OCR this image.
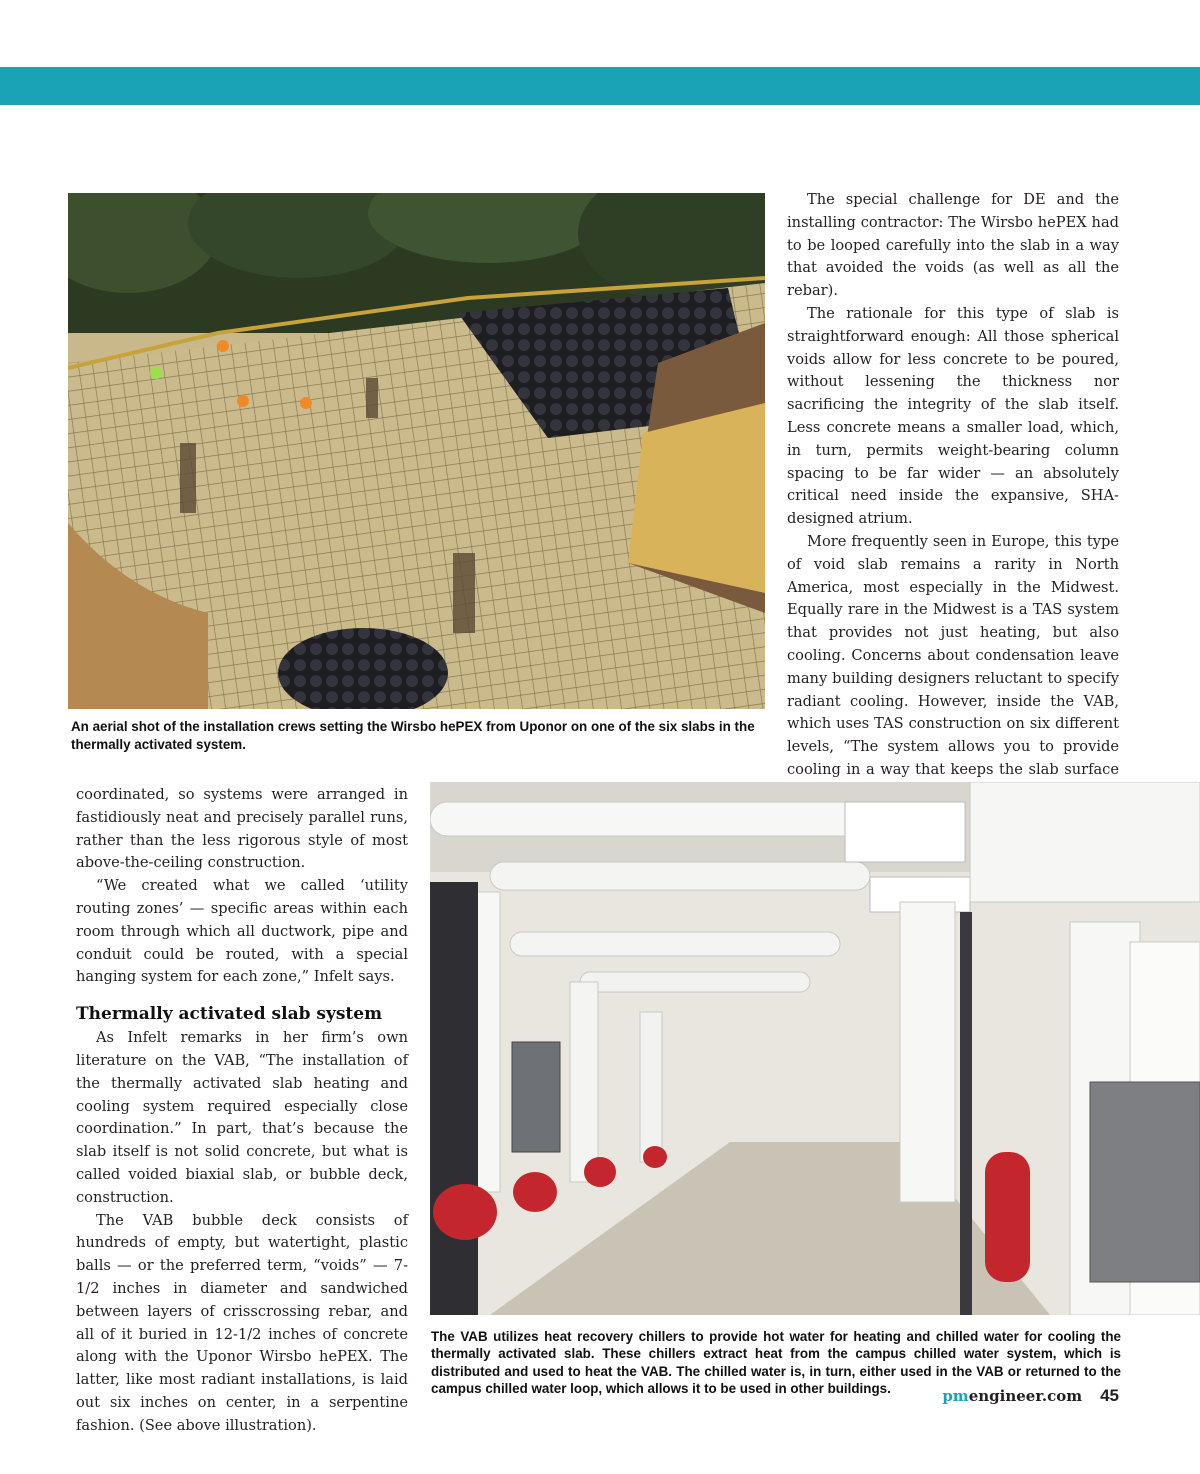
An aerial shot of the installation crews setting the Wirsbo hePEX from Uponor on one of the six slabs in the thermally activated system.

The special challenge for DE and the installing contractor: The Wirsbo hePEX had to be looped carefully into the slab in a way that avoided the voids (as well as all the rebar).

The rationale for this type of slab is straightforward enough: All those spherical voids allow for less concrete to be poured, without lessening the thickness nor sacrificing the integrity of the slab itself. Less concrete means a smaller load, which, in turn, permits weight-bearing column spacing to be far wider — an absolutely critical need inside the expansive, SHA-designed atrium.

More frequently seen in Europe, this type of void slab remains a rarity in North America, most especially in the Midwest. Equally rare in the Midwest is a TAS system that provides not just heating, but also cooling. Concerns about condensation leave many building designers reluctant to specify radiant cooling. However, inside the VAB, which uses TAS construction on six different levels, “The system allows you to provide cooling in a way that keeps the slab surface

coordinated, so systems were arranged in fastidiously neat and precisely parallel runs, rather than the less rigorous style of most above-the-ceiling construction.

“We created what we called ‘utility routing zones’ — specific areas within each room through which all ductwork, pipe and conduit could be routed, with a special hanging system for each zone,” Infelt says.

Thermally activated slab system

As Infelt remarks in her firm’s own literature on the VAB, “The installation of the thermally activated slab heating and cooling system required especially close coordination.” In part, that’s because the slab itself is not solid concrete, but what is called voided biaxial slab, or bubble deck, construction.

The VAB bubble deck consists of hundreds of empty, but watertight, plastic balls — or the preferred term, “voids” — 7-1/2 inches in diameter and sandwiched between layers of crisscrossing rebar, and all of it buried in 12-1/2 inches of concrete along with the Uponor Wirsbo hePEX. The latter, like most radiant installations, is laid out six inches on center, in a serpentine fashion. (See above illustration).

The VAB utilizes heat recovery chillers to provide hot water for heating and chilled water for cooling the thermally activated slab. These chillers extract heat from the campus chilled water system, which is distributed and used to heat the VAB. The chilled water is, in turn, either used in the VAB or returned to the campus chilled water loop, which allows it to be used in other buildings.	pmengineer.com 45
